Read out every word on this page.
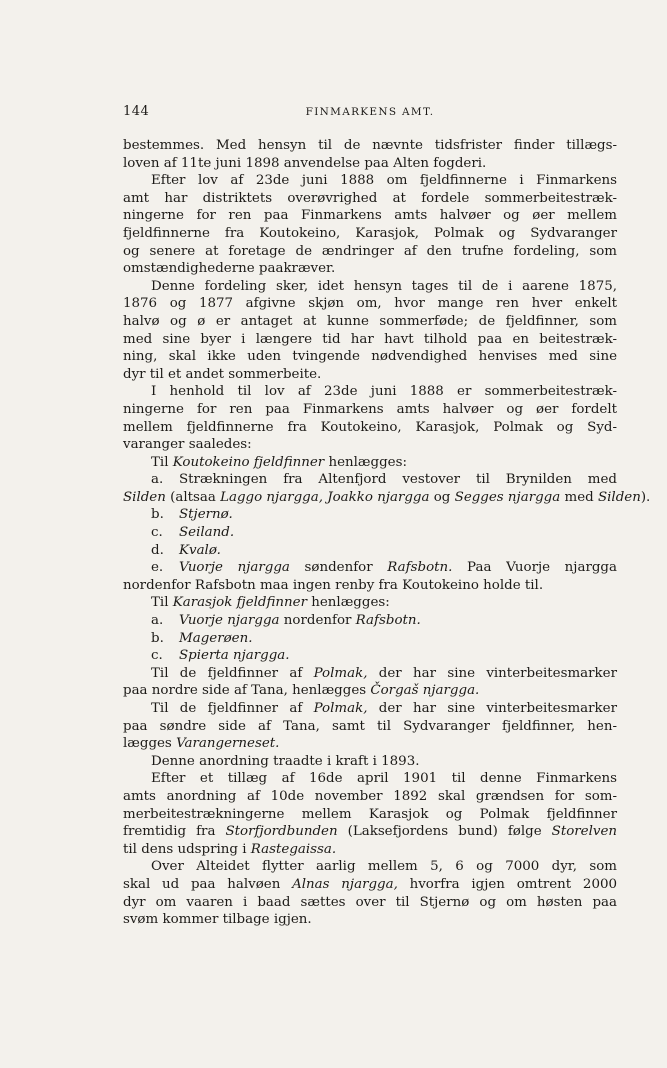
144	FINMARKENS AMT.
bestemmes. Med hensyn til de nævnte tidsfrister finder tillægs-
loven af 11te juni 1898 anvendelse paa Alten fogderi.
Efter lov af 23de juni 1888 om fjeldfinnerne i Finmarkens
amt har distriktets overøvrighed at fordele sommerbeitestræk-
ningerne for ren paa Finmarkens amts halvøer og øer mellem
fjeldfinnerne fra Koutokeino, Karasjok, Polmak og Sydvaranger
og senere at foretage de ændringer af den trufne fordeling, som
omstændighederne paakræver.
Denne fordeling sker, idet hensyn tages til de i aarene 1875,
1876 og 1877 afgivne skjøn om, hvor mange ren hver enkelt
halvø og ø er antaget at kunne sommerføde; de fjeldfinner, som
med sine byer i længere tid har havt tilhold paa en beitestræk-
ning, skal ikke uden tvingende nødvendighed henvises med sine
dyr til et andet sommerbeite.
I henhold til lov af 23de juni 1888 er sommerbeitestræk-
ningerne for ren paa Finmarkens amts halvøer og øer fordelt
mellem fjeldfinnerne fra Koutokeino, Karasjok, Polmak og Syd-
varanger saaledes:
Til Koutokeino fjeldfinner henlægges:
a. Strækningen fra Altenfjord vestover til Brynilden med
Silden (altsaa Laggo njargga, Joakko njargga og Segges njargga med Silden).
b. Stjernø.
c. Seiland.
d. Kvalø.
e. Vuorje njargga søndenfor Rafsbotn. Paa Vuorje njargga
nordenfor Rafsbotn maa ingen renby fra Koutokeino holde til.
Til Karasjok fjeldfinner henlægges:
a. Vuorje njargga nordenfor Rafsbotn.
b. Magerøen.
c. Spierta njargga.
Til de fjeldfinner af Polmak, der har sine vinterbeitesmarker
paa nordre side af Tana, henlægges Čorgaš njargga.
Til de fjeldfinner af Polmak, der har sine vinterbeitesmarker
paa søndre side af Tana, samt til Sydvaranger fjeldfinner, hen-
lægges Varangerneset.
Denne anordning traadte i kraft i 1893.
Efter et tillæg af 16de april 1901 til denne Finmarkens
amts anordning af 10de november 1892 skal grændsen for som-
merbeitestrækningerne mellem Karasjok og Polmak fjeldfinner
fremtidig fra Storfjordbunden (Laksefjordens bund) følge Storelven
til dens udspring i Rastegaissa.
Over Alteidet flytter aarlig mellem 5, 6 og 7000 dyr, som
skal ud paa halvøen Alnas njargga, hvorfra igjen omtrent 2000
dyr om vaaren i baad sættes over til Stjernø og om høsten paa
svøm kommer tilbage igjen.
